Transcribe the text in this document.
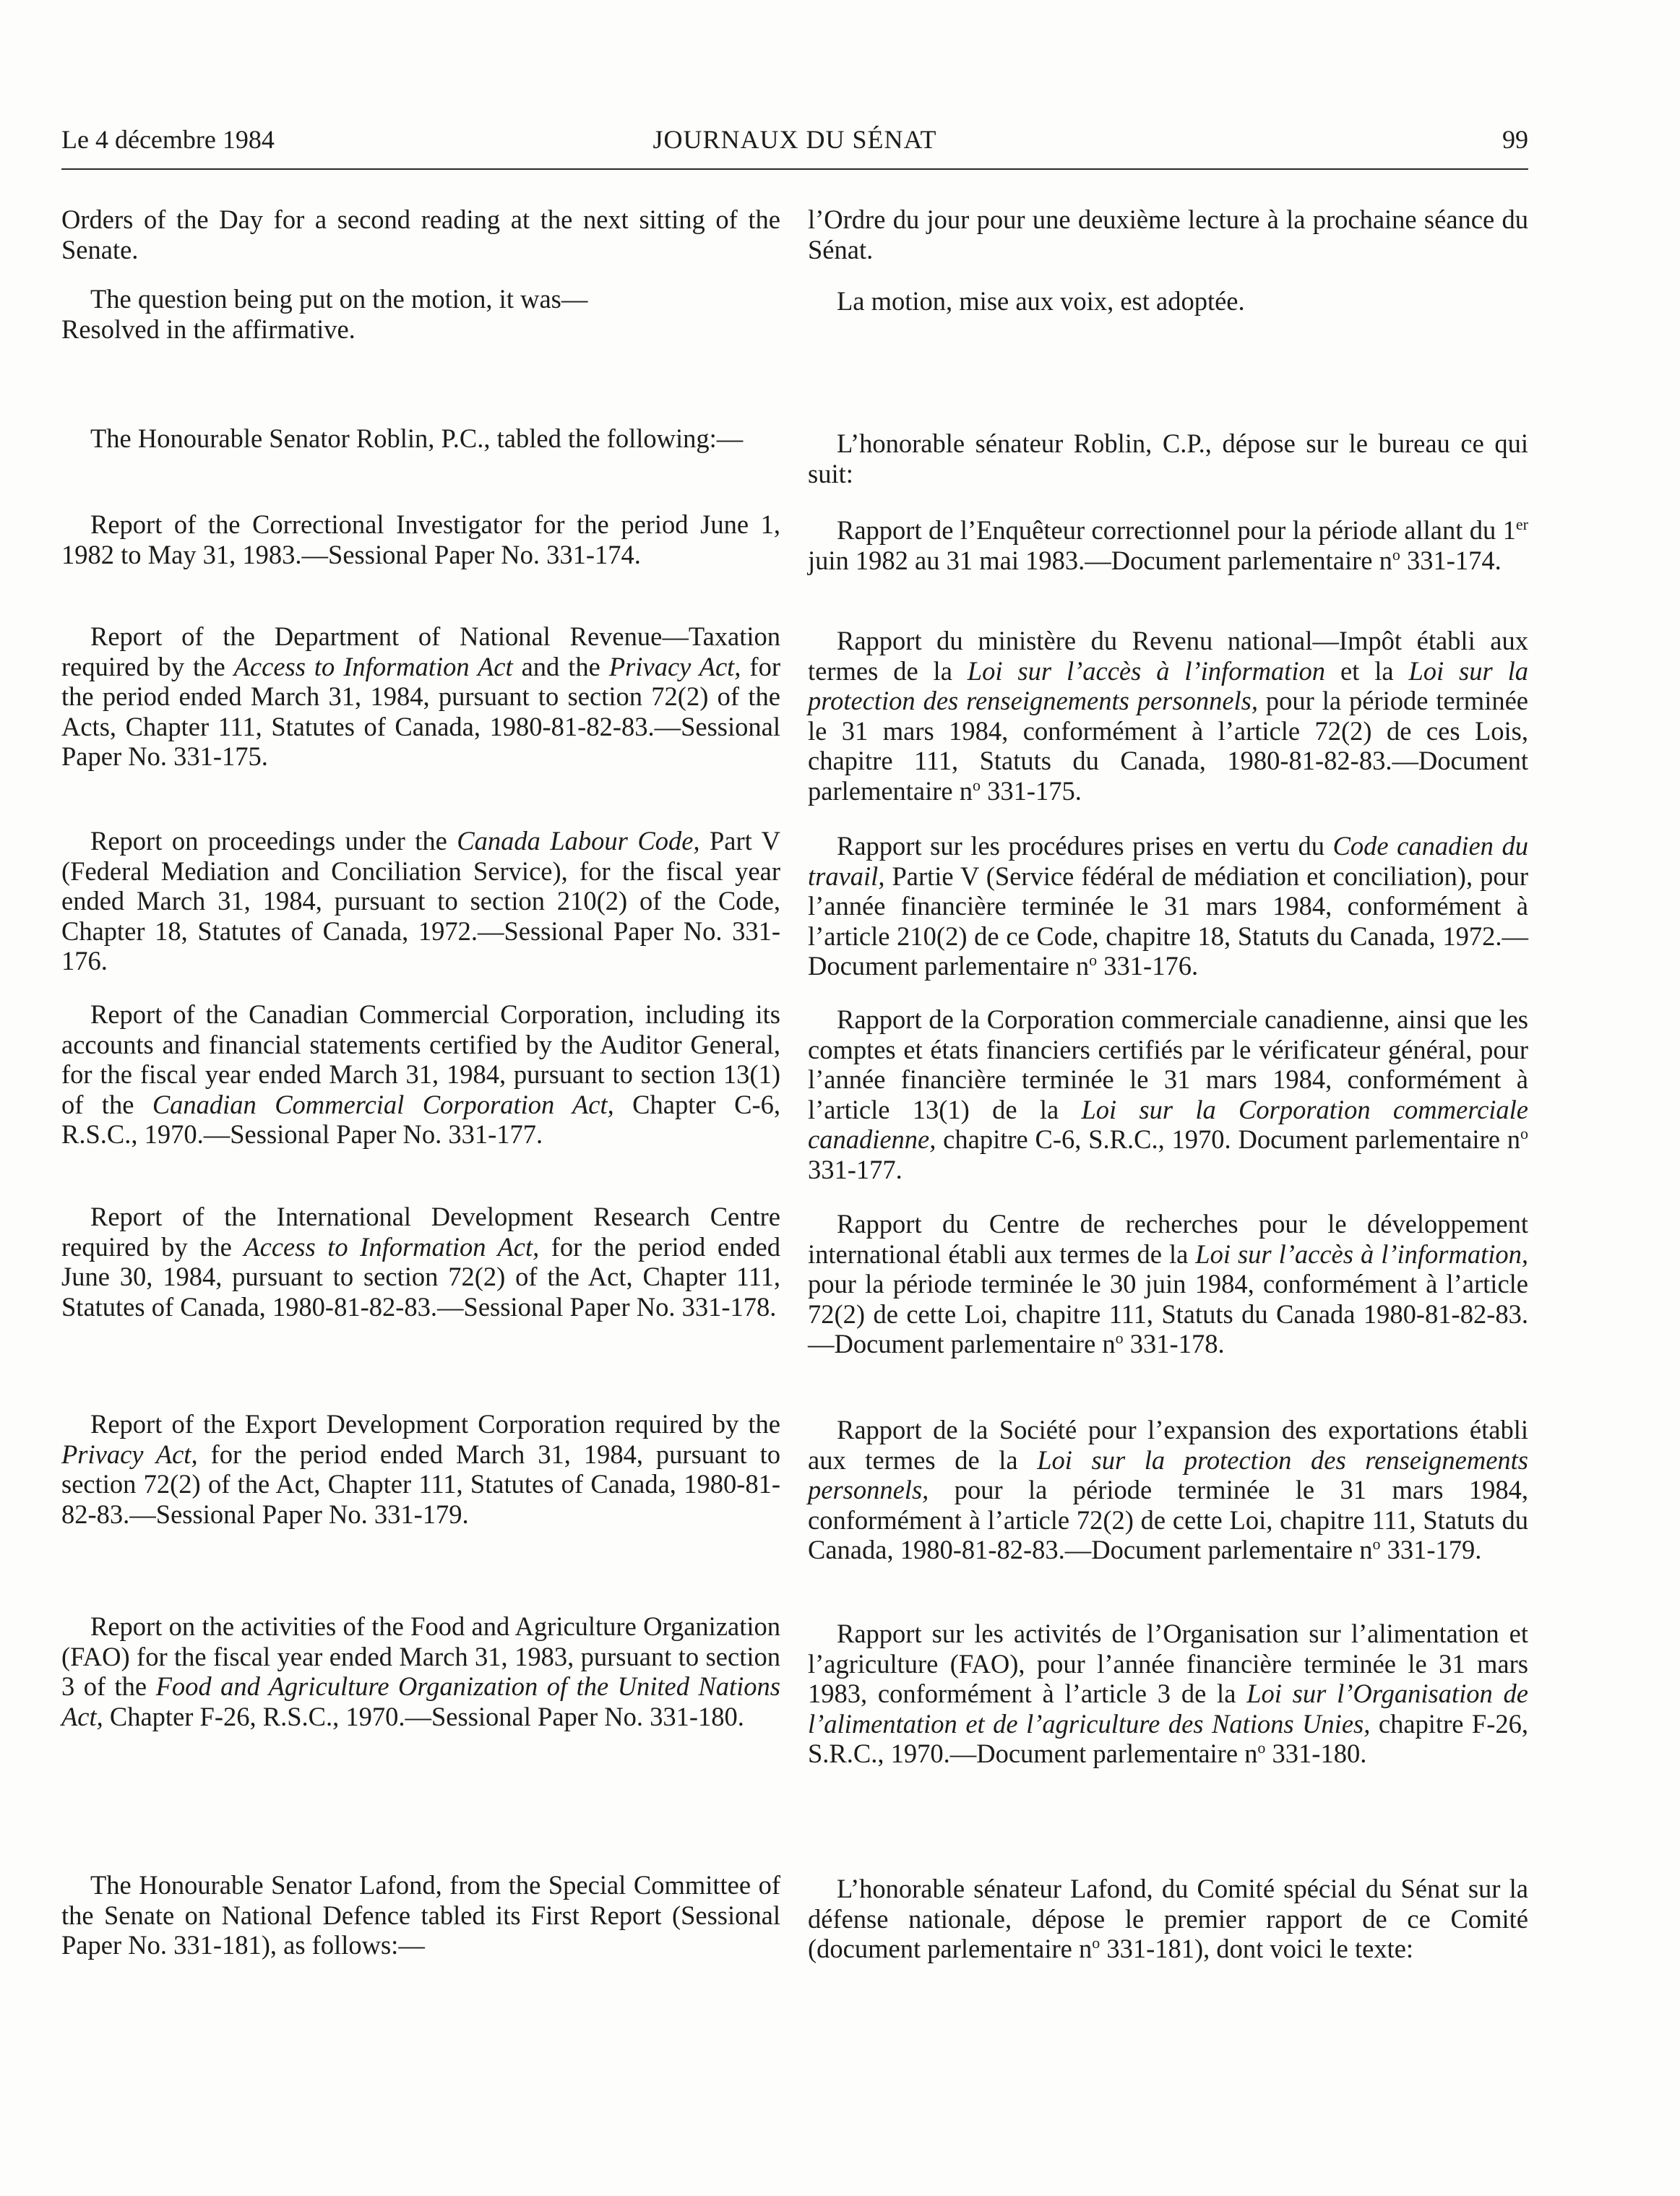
Le 4 décembre 1984	JOURNAUX DU SÉNAT	99

Orders of the Day for a second reading at the next sitting of the Senate.

The question being put on the motion, it was—

Resolved in the affirmative.

The Honourable Senator Roblin, P.C., tabled the following:—

Report of the Correctional Investigator for the period June 1, 1982 to May 31, 1983.—Sessional Paper No. 331-174.

Report of the Department of National Revenue—Taxation required by the Access to Information Act and the Privacy Act, for the period ended March 31, 1984, pursuant to section 72(2) of the Acts, Chapter 111, Statutes of Canada, 1980-81-82-83.—Sessional Paper No. 331-175.

Report on proceedings under the Canada Labour Code, Part V (Federal Mediation and Conciliation Service), for the fiscal year ended March 31, 1984, pursuant to section 210(2) of the Code, Chapter 18, Statutes of Canada, 1972.—Sessional Paper No. 331-176.

Report of the Canadian Commercial Corporation, including its accounts and financial statements certified by the Auditor General, for the fiscal year ended March 31, 1984, pursuant to section 13(1) of the Canadian Commercial Corporation Act, Chapter C-6, R.S.C., 1970.—Sessional Paper No. 331-177.

Report of the International Development Research Centre required by the Access to Information Act, for the period ended June 30, 1984, pursuant to section 72(2) of the Act, Chapter 111, Statutes of Canada, 1980-81-82-83.—Sessional Paper No. 331-178.

Report of the Export Development Corporation required by the Privacy Act, for the period ended March 31, 1984, pursuant to section 72(2) of the Act, Chapter 111, Statutes of Canada, 1980-81-82-83.—Sessional Paper No. 331-179.

Report on the activities of the Food and Agriculture Organization (FAO) for the fiscal year ended March 31, 1983, pursuant to section 3 of the Food and Agriculture Organization of the United Nations Act, Chapter F-26, R.S.C., 1970.—Sessional Paper No. 331-180.

The Honourable Senator Lafond, from the Special Committee of the Senate on National Defence tabled its First Report (Sessional Paper No. 331-181), as follows:—

l’Ordre du jour pour une deuxième lecture à la prochaine séance du Sénat.

La motion, mise aux voix, est adoptée.

L’honorable sénateur Roblin, C.P., dépose sur le bureau ce qui suit:

Rapport de l’Enquêteur correctionnel pour la période allant du 1er juin 1982 au 31 mai 1983.—Document parlementaire $n^o$ 331-174.

Rapport du ministère du Revenu national—Impôt établi aux termes de la Loi sur l’accès à l’information et la Loi sur la protection des renseignements personnels, pour la période terminée le 31 mars 1984, conformément à l’article 72(2) de ces Lois, chapitre 111, Statuts du Canada, 1980-81-82-83.—Document parlementaire $n^o$ 331-175.

Rapport sur les procédures prises en vertu du Code canadien du travail, Partie V (Service fédéral de médiation et conciliation), pour l’année financière terminée le 31 mars 1984, conformément à l’article 210(2) de ce Code, chapitre 18, Statuts du Canada, 1972.—Document parlementaire $n^o$ 331-176.

Rapport de la Corporation commerciale canadienne, ainsi que les comptes et états financiers certifiés par le vérificateur général, pour l’année financière terminée le 31 mars 1984, conformément à l’article 13(1) de la Loi sur la Corporation commerciale canadienne, chapitre C-6, S.R.C., 1970. Document parlementaire $n^o$ 331-177.

Rapport du Centre de recherches pour le développement international établi aux termes de la Loi sur l’accès à l’information, pour la période terminée le 30 juin 1984, conformément à l’article 72(2) de cette Loi, chapitre 111, Statuts du Canada 1980-81-82-83.—Document parlementaire $n^o$ 331-178.

Rapport de la Société pour l’expansion des exportations établi aux termes de la Loi sur la protection des renseignements personnels, pour la période terminée le 31 mars 1984, conformément à l’article 72(2) de cette Loi, chapitre 111, Statuts du Canada, 1980-81-82-83.—Document parlementaire $n^o$ 331-179.

Rapport sur les activités de l’Organisation sur l’alimentation et l’agriculture (FAO), pour l’année financière terminée le 31 mars 1983, conformément à l’article 3 de la Loi sur l’Organisation de l’alimentation et de l’agriculture des Nations Unies, chapitre F-26, S.R.C., 1970.—Document parlementaire $n^o$ 331-180.

L’honorable sénateur Lafond, du Comité spécial du Sénat sur la défense nationale, dépose le premier rapport de ce Comité (document parlementaire $n^o$ 331-181), dont voici le texte:
